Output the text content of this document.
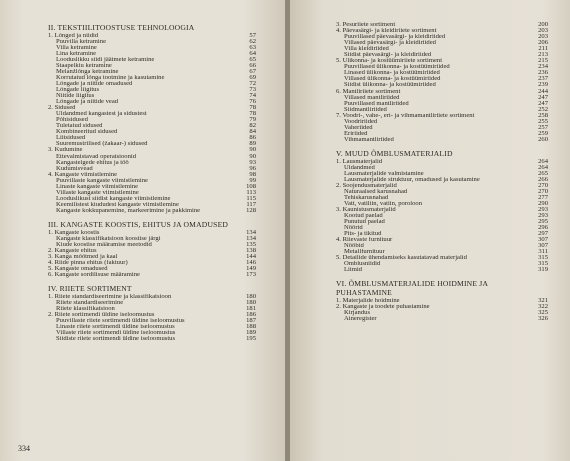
II. TEKSTIILITOOSTUSE TEHNOLOOGIA
1. Lõnged ja niidid	57
Puuvilla ketramine	62
Villa ketramine	63
Lina ketramine	64
Looduslikku siidi jäätmete ketramine	65
Staapelkiu ketramine	66
Melanžlõnga ketramine	67
Korrutatud lõnga tootmine ja kasutamine	69
Lõngade ja niitide omadused	72
Lõngade liigitus	73
Niitide liigitus	74
Lõngade ja niitide vead	76
2. Sidused	78
Üldandmed kangastest ja sidustest	78
Põhisidused	79
Tuletatud sidused	82
Kombineeritud sidused	84
Liitsidused	86
Suuremustrilised (žakaar-) sidused	89
3. Kudumine	90
Ettevalmistavad operatsioonid	90
Kangastelgede ehitus ja töö	93
Kudumisvead	96
4. Kangaste viimistlemine	98
Puuvillaste kangaste viimistlemine	99
Linaste kangaste viimistlemine	108
Villaste kangaste viimistlemine	113
Looduslikust siidist kangaste viimistlemine	115
Keemilistest kiududest kangaste viimistlemine	117
Kangaste kokkupanemine, markeerimine ja pakkimine	128
III. KANGASTE KOOSTIS, EHITUS JA OMADUSED
1. Kangaste koostis	134
Kangaste klassifikatsioon koostise järgi	134
Kiude koostise määramise meetodid	135
2. Kangaste ehitus	138
3. Kanga mõõtmed ja kaal	144
4. Riide pinna ehitus (faktuur)	146
5. Kangaste omadused	149
6. Kangaste sordilisuse määramine	173
IV. RIIETE SORTIMENT
1. Riiete standardiseerimine ja klassifikatsioon	180
Riiete standardiseerimine	180
Riiete klassifikatsioon	181
2. Riiete sortimendi üldine iseloomustus	186
Puuvillaste riiete sortimendi üldine iseloomustus	187
Linaste riiete sortimendi üldine iseloomustus	188
Villaste riiete sortimendi üldine iseloomustus	189
Siidiste riiete sortimendi üldine iseloomustus	195
334
3. Pesuriiete sortiment	200
4. Päevasärgi- ja kleidiriiete sortiment	203
Puuvillased päevasärgi- ja kleidiriided	203
Villased päevasärgi- ja kleidiriided	206
Villa kleidiriided	211
Siidist päevasärgi- ja kleidiriided	213
5. Ülikonna- ja kostüümiriiete sortiment	215
Puuvillased ülikonna- ja kostüümiriided	234
Linased ülikonna- ja kostüümiriided	236
Villased ülikonna- ja kostüümiriided	237
Siidist ülikonna- ja kostüümiriided	239
6. Mantliriiete sortiment	244
Villased mantliriided	247
Puuvillased mantliriided	247
Siidmantliriided	252
7. Voodri-, vahe-, eri- ja vihmamantliriiete sortiment	258
Voodririided	255
Vaheriided	257
Eririided	259
Vihmamantliriided	260
V. MUUD ÕMBLUSMATERJALID
1. Lausmaterjalid	264
Üldandmed	264
Lausmaterjalide valmistamine	265
Lausmaterjalide struktuur, omadused ja kasutamine	266
2. Soojendusmaterjalid	270
Naturaalsed karusnahad	270
Tehiskarusnahad	277
Vatt, vatiliin, vatiin, poroloon	290
3. Kaunistusmaterjalid	293
Kootud paelad	293
Punutud paelad	295
Nöörid	296
Pits- ja tikitud	297
4. Riievaste furnituur	307
Nööbid	307
Metallfurnituur	311
5. Detailide ühendamiseks kasutatavad materjalid	315
Õmblusniidid	315
Liimid	319
VI. ÕMBLUSMATERJALIDE HOIDMINE JA PUHASTAMINE
1. Materjalide hoidmine	321
2. Kangaste ja toodete puhastamine	322
Kirjandus	325
Aineregister	326
